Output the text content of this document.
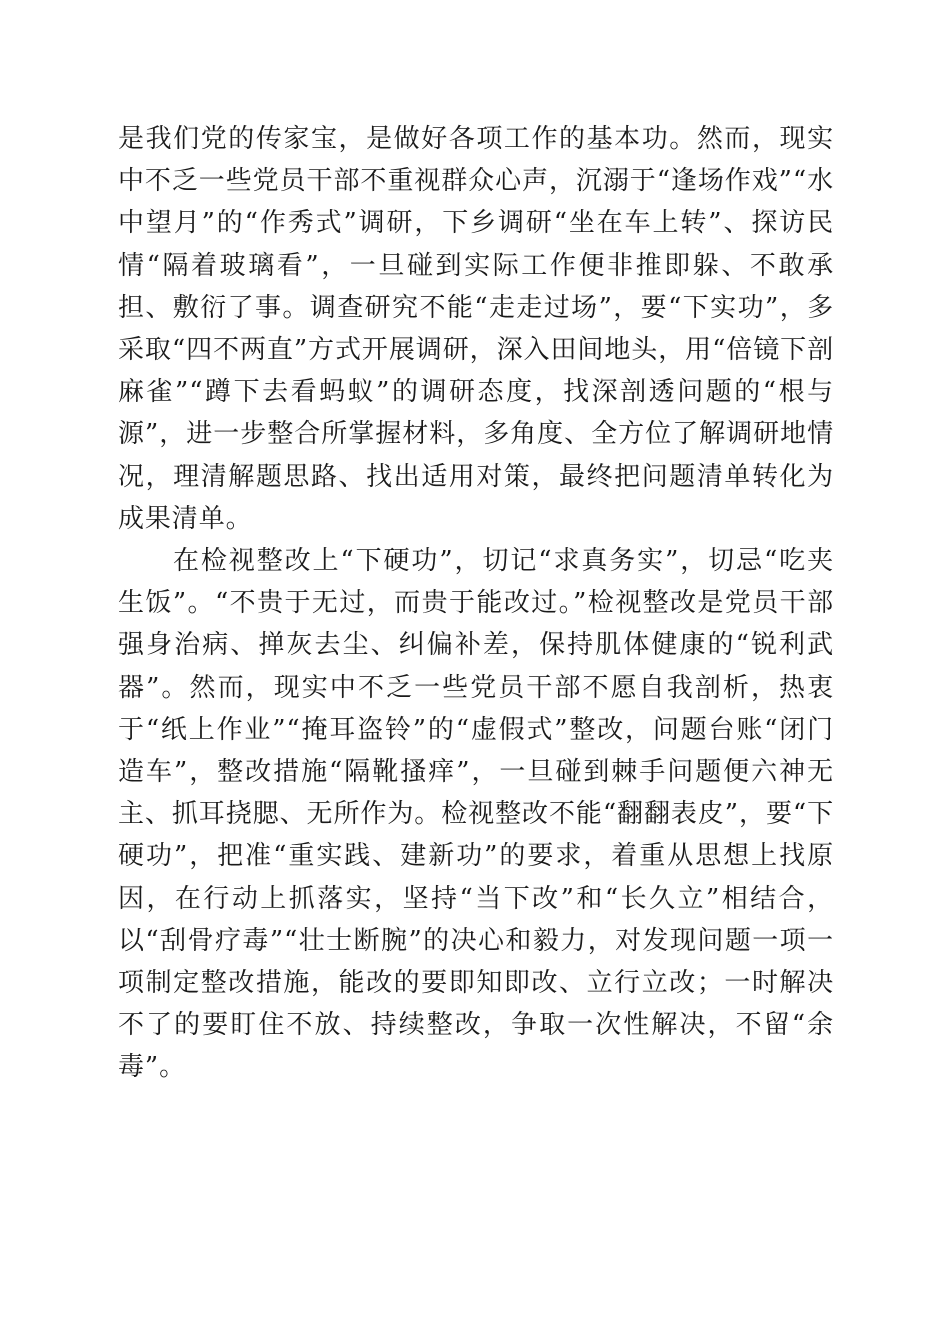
是我们党的传家宝，是做好各项工作的基本功。然而，现实中不乏一些党员干部不重视群众心声，沉溺于“逢场作戏”“水中望月”的“作秀式”调研，下乡调研“坐在车上转”、探访民情“隔着玻璃看”，一旦碰到实际工作便非推即躲、不敢承担、敷衍了事。调查研究不能“走走过场”，要“下实功”，多采取“四不两直”方式开展调研，深入田间地头，用“倍镜下剖麻雀”“蹲下去看蚂蚁”的调研态度，找深剖透问题的“根与源”，进一步整合所掌握材料，多角度、全方位了解调研地情况，理清解题思路、找出适用对策，最终把问题清单转化为成果清单。

在检视整改上“下硬功”，切记“求真务实”，切忌“吃夹生饭”。“不贵于无过，而贵于能改过。”检视整改是党员干部强身治病、掸灰去尘、纠偏补差，保持肌体健康的“锐利武器”。然而，现实中不乏一些党员干部不愿自我剖析，热衷于“纸上作业”“掩耳盗铃”的“虚假式”整改，问题台账“闭门造车”，整改措施“隔靴搔痒”，一旦碰到棘手问题便六神无主、抓耳挠腮、无所作为。检视整改不能“翻翻表皮”，要“下硬功”，把准“重实践、建新功”的要求，着重从思想上找原因，在行动上抓落实，坚持“当下改”和“长久立”相结合，以“刮骨疗毒”“壮士断腕”的决心和毅力，对发现问题一项一项制定整改措施，能改的要即知即改、立行立改；一时解决不了的要盯住不放、持续整改，争取一次性解决，不留“余毒”。
